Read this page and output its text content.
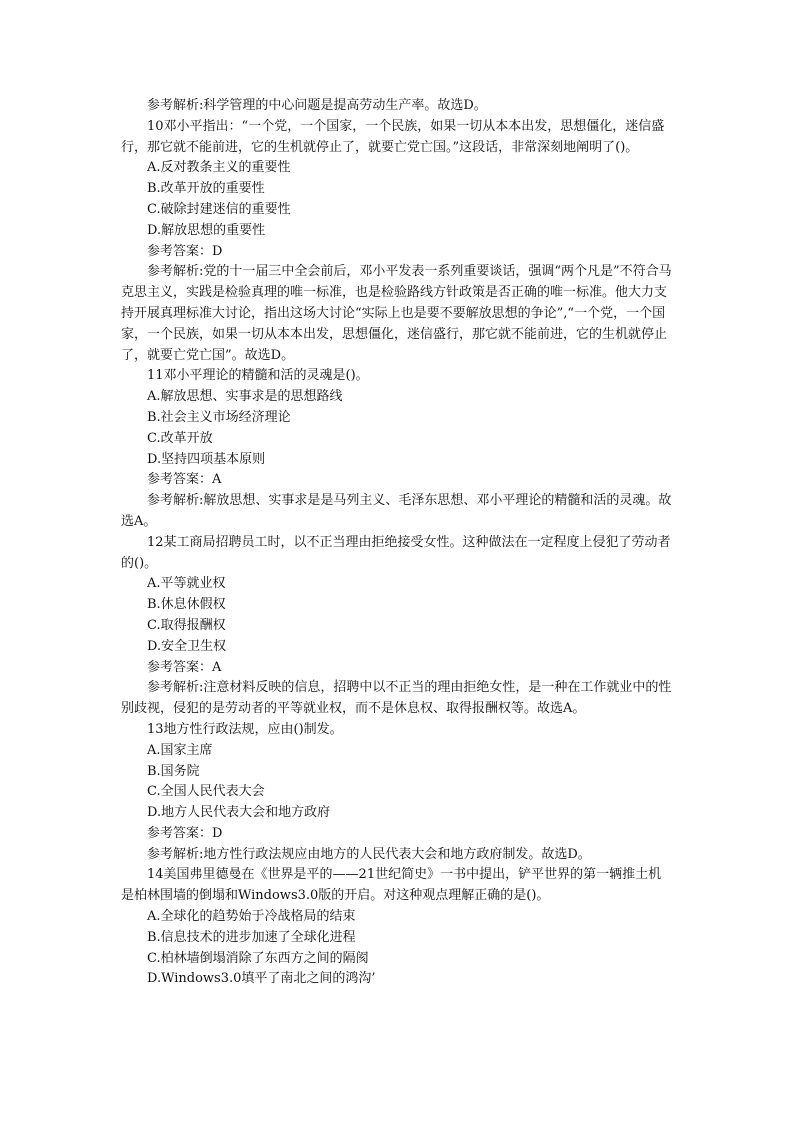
参考解析:科学管理的中心问题是提高劳动生产率。故选D。

10邓小平指出：“一个党，一个国家，一个民族，如果一切从本本出发，思想僵化，迷信盛行，那它就不能前进，它的生机就停止了，就要亡党亡国。”这段话，非常深刻地阐明了()。

A.反对教条主义的重要性

B.改革开放的重要性

C.破除封建迷信的重要性

D.解放思想的重要性

参考答案：D

参考解析:党的十一届三中全会前后，邓小平发表一系列重要谈话，强调“两个凡是”不符合马克思主义，实践是检验真理的唯一标准，也是检验路线方针政策是否正确的唯一标准。他大力支持开展真理标准大讨论，指出这场大讨论“实际上也是要不要解放思想的争论”,“一个党，一个国家，一个民族，如果一切从本本出发，思想僵化，迷信盛行，那它就不能前进，它的生机就停止了，就要亡党亡国”。故选D。

11邓小平理论的精髓和活的灵魂是()。

A.解放思想、实事求是的思想路线

B.社会主义市场经济理论

C.改革开放

D.坚持四项基本原则

参考答案：A

参考解析:解放思想、实事求是是马列主义、毛泽东思想、邓小平理论的精髓和活的灵魂。故选A。

12某工商局招聘员工时，以不正当理由拒绝接受女性。这种做法在一定程度上侵犯了劳动者的()。

A.平等就业权

B.休息休假权

C.取得报酬权

D.安全卫生权

参考答案：A

参考解析:注意材料反映的信息，招聘中以不正当的理由拒绝女性，是一种在工作就业中的性别歧视，侵犯的是劳动者的平等就业权，而不是休息权、取得报酬权等。故选A。

13地方性行政法规，应由()制发。

A.国家主席

B.国务院

C.全国人民代表大会

D.地方人民代表大会和地方政府

参考答案：D

参考解析:地方性行政法规应由地方的人民代表大会和地方政府制发。故选D。

14美国弗里德曼在《世界是平的——21世纪简史》一书中提出，铲平世界的第一辆推土机是柏林围墙的倒塌和Windows3.0版的开启。对这种观点理解正确的是()。

A.全球化的趋势始于冷战格局的结束

B.信息技术的进步加速了全球化进程

C.柏林墙倒塌消除了东西方之间的隔阂

D.Windows3.0填平了南北之间的鸿沟’
